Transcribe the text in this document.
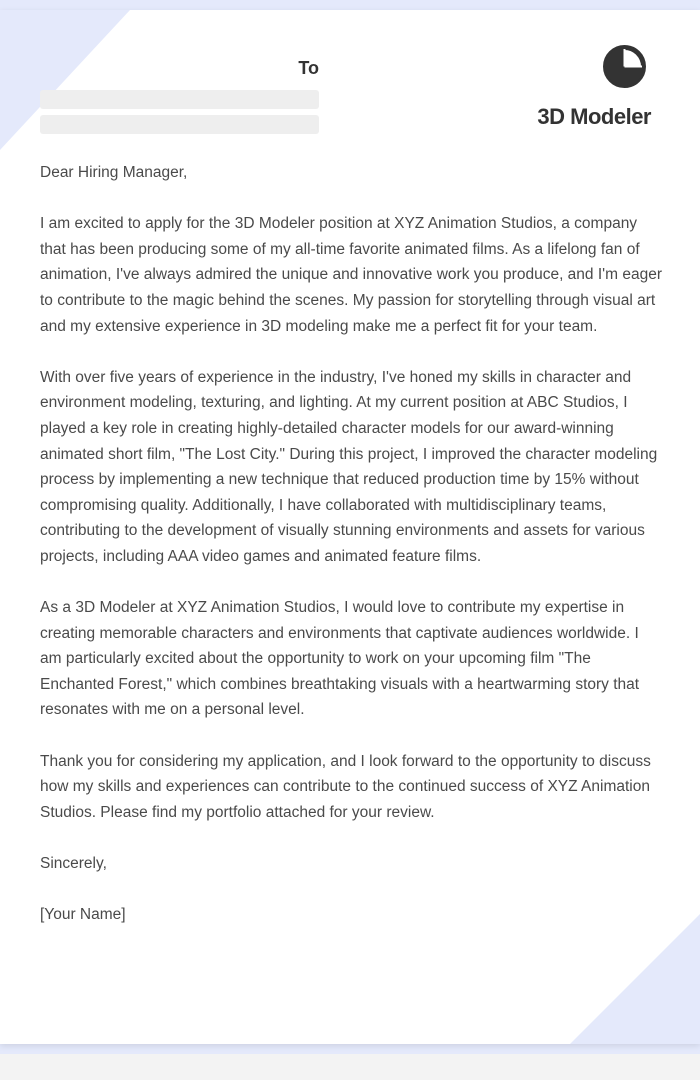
To
3D Modeler

Dear Hiring Manager,

I am excited to apply for the 3D Modeler position at XYZ Animation Studios, a company that has been producing some of my all-time favorite animated films. As a lifelong fan of animation, I've always admired the unique and innovative work you produce, and I'm eager to contribute to the magic behind the scenes. My passion for storytelling through visual art and my extensive experience in 3D modeling make me a perfect fit for your team.

With over five years of experience in the industry, I've honed my skills in character and environment modeling, texturing, and lighting. At my current position at ABC Studios, I played a key role in creating highly-detailed character models for our award-winning animated short film, "The Lost City." During this project, I improved the character modeling process by implementing a new technique that reduced production time by 15% without compromising quality. Additionally, I have collaborated with multidisciplinary teams, contributing to the development of visually stunning environments and assets for various projects, including AAA video games and animated feature films.

As a 3D Modeler at XYZ Animation Studios, I would love to contribute my expertise in creating memorable characters and environments that captivate audiences worldwide. I am particularly excited about the opportunity to work on your upcoming film "The Enchanted Forest," which combines breathtaking visuals with a heartwarming story that resonates with me on a personal level.

Thank you for considering my application, and I look forward to the opportunity to discuss how my skills and experiences can contribute to the continued success of XYZ Animation Studios. Please find my portfolio attached for your review.

Sincerely,

[Your Name]
